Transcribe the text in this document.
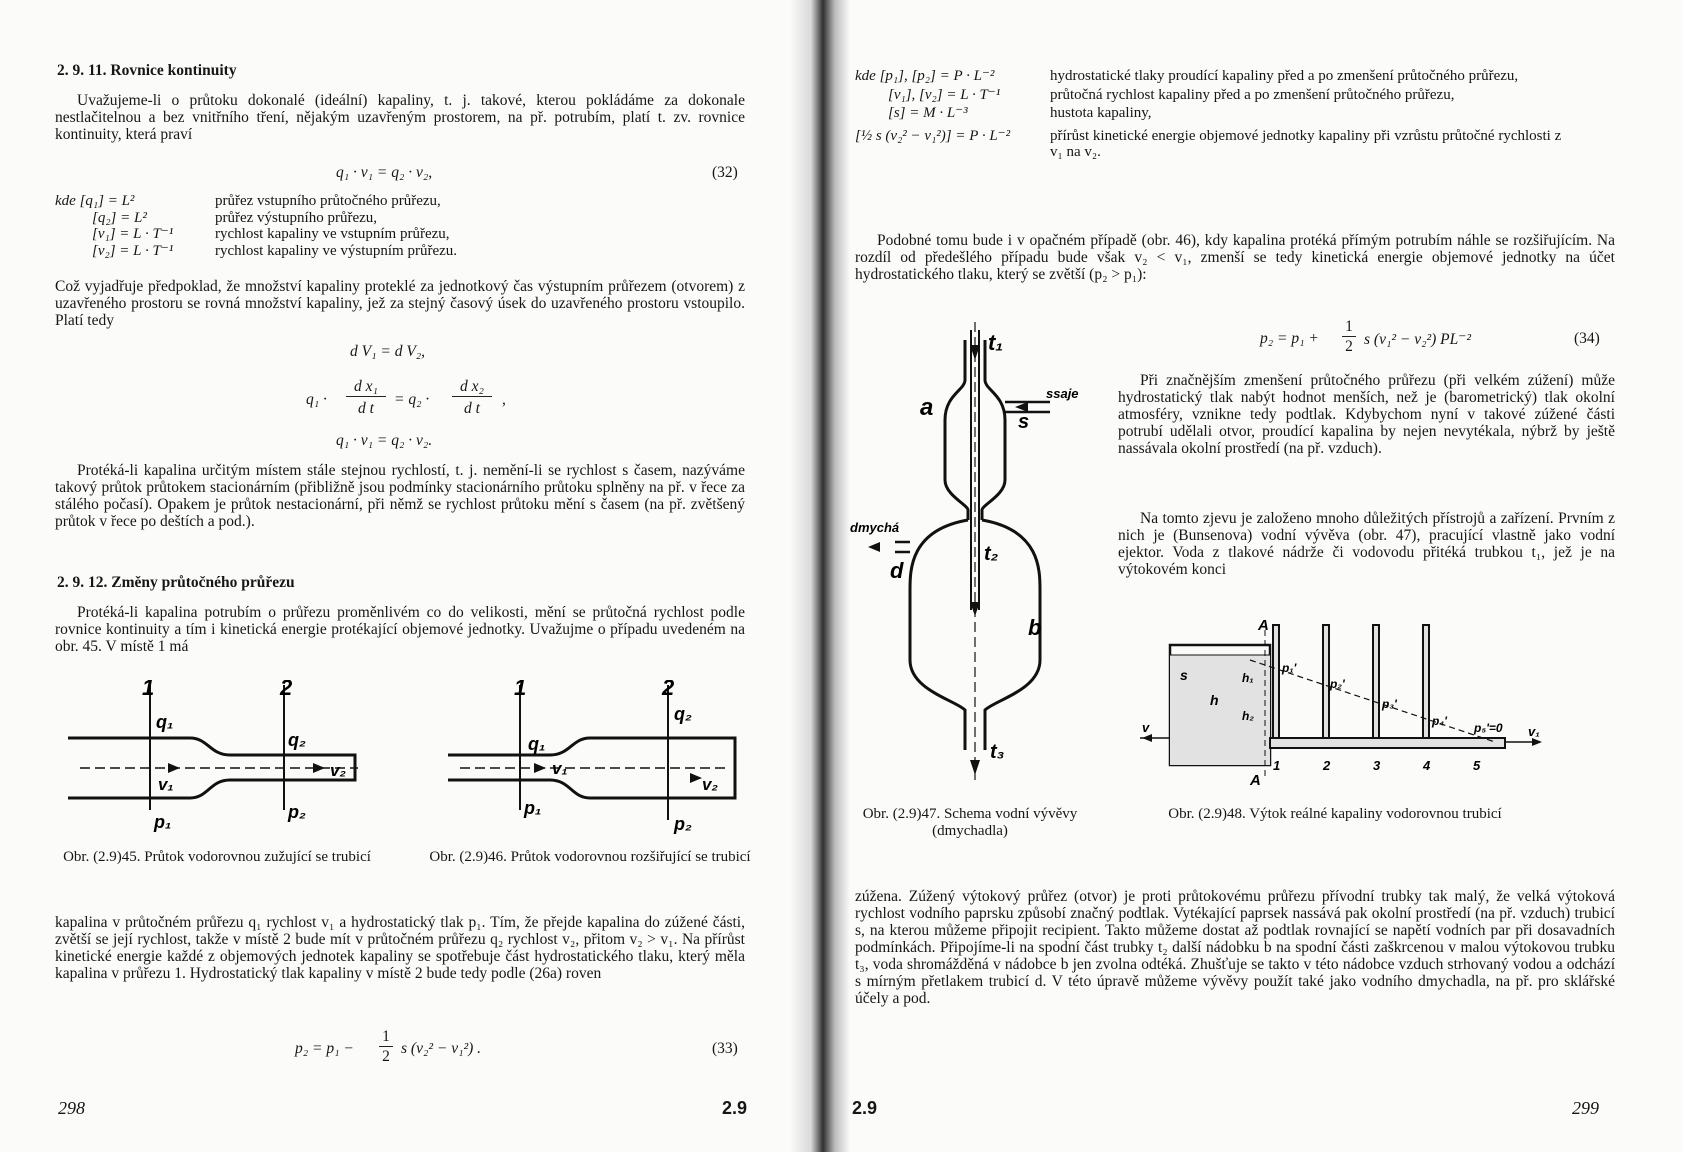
2. 9. 11. Rovnice kontinuity

Uvažujeme-li o průtoku dokonalé (ideální) kapaliny, t. j. takové, kterou pokládáme za dokonale nestlačitelnou a bez vnitřního tření, nějakým uzavřeným prostorem, na př. potrubím, platí t. zv. rovnice kontinuity, která praví

q₁ · v₁ = q₂ · v₂,	(32)
kde [q₁] = L²	průřez vstupního průtočného průřezu,
[q₂] = L²	průřez výstupního průřezu,
[v₁] = L · T⁻¹	rychlost kapaliny ve vstupním průřezu,
[v₂] = L · T⁻¹	rychlost kapaliny ve výstupním průřezu.

Což vyjadřuje předpoklad, že množství kapaliny proteklé za jednotkový čas výstupním průřezem (otvorem) z uzavřeného prostoru se rovná množství kapaliny, jež za stejný časový úsek do uzavřeného prostoru vstoupilo. Platí tedy

d V₁ = d V₂,
q₁ ·
d x₁
d t
= q₂ ·
d x₂
d t
,
q₁ · v₁ = q₂ · v₂.

Protéká-li kapalina určitým místem stále stejnou rychlostí, t. j. nemění-li se rychlost s časem, nazýváme takový průtok průtokem stacionárním (přibližně jsou podmínky stacionárního průtoku splněny na př. v řece za stálého počasí). Opakem je průtok nestacionární, při němž se rychlost průtoku mění s časem (na př. zvětšený průtok v řece po deštích a pod.).

2. 9. 12. Změny průtočného průřezu

Protéká-li kapalina potrubím o průřezu proměnlivém co do velikosti, mění se průtočná rychlost podle rovnice kontinuity a tím i kinetická energie protékající objemové jednotky. Uvažujme o případu uvedeném na obr. 45. V místě 1 má

1	2
q₁
q₂
v₁
v₂
p₁	p₂
1	2
q₁
q₂
v₁
v₂
p₁
p₂
Obr. (2.9)45. Průtok vodorovnou zužující se trubicí	Obr. (2.9)46. Průtok vodorovnou rozšiřující se trubicí

kapalina v průtočném průřezu q₁ rychlost v₁ a hydrostatický tlak p₁. Tím, že přejde kapalina do zúžené části, zvětší se její rychlost, takže v místě 2 bude mít v průtočném průřezu q₂ rychlost v₂, přitom v₂ > v₁. Na přírůst kinetické energie každé z objemových jednotek kapaliny se spotřebuje část hydrostatického tlaku, který měla kapalina v průřezu 1. Hydrostatický tlak kapaliny v místě 2 bude tedy podle (26a) roven

p₂ = p₁ −
1
2 s (v₂² − v₁²) .	(33)
298	2.9
kde [p₁], [p₂] = P · L⁻²	hydrostatické tlaky proudící kapaliny před a po zmenšení průtočného průřezu,
[v₁], [v₂] = L · T⁻¹	průtočná rychlost kapaliny před a po zmenšení průtočného průřezu,
[s] = M · L⁻³	hustota kapaliny,
[½ s (v₂² − v₁²)] = P · L⁻²	přírůst kinetické energie objemové jednotky kapaliny při vzrůstu průtočné rychlosti z v₁ na v₂.

Podobné tomu bude i v opačném případě (obr. 46), kdy kapalina protéká přímým potrubím náhle se rozšiřujícím. Na rozdíl od předešlého případu bude však v₂ < v₁, zmenší se tedy kinetická energie objemové jednotky na účet hydrostatického tlaku, který se zvětší (p₂ > p₁):

p₂ = p₁ +
1
2 s (v₁² − v₂²) PL⁻²	(34)
t₁
a
s
ssaje
dmychá
d
t₂
b
t₃

Při značnějším zmenšení průtočného průřezu (při velkém zúžení) může hydrostatický tlak nabýt hodnot menších, než je (barometrický) tlak okolní atmosféry, vznikne tedy podtlak. Kdybychom nyní v takové zúžené části potrubí udělali otvor, proudící kapalina by nejen nevytékala, nýbrž by ještě nassávala okolní prostředí (na př. vzduch).

Na tomto zjevu je založeno mnoho důležitých přístrojů a zařízení. Prvním z nich je (Bunsenova) vodní vývěva (obr. 47), pracující vlastně jako vodní ejektor. Voda z tlakové nádrže či vodovodu přitéká trubkou t₁, jež je na výtokovém konci

A
A
s
h
h₁
h₂
p₁'
p₂'
p₃'
p₄' p₅'=0
v	v₁
1	2	3	4	5
Obr. (2.9)47. Schema vodní vývěvy (dmychadla)
Obr. (2.9)48. Výtok reálné kapaliny vodorovnou trubicí

zúžena. Zúžený výtokový průřez (otvor) je proti průtokovému průřezu přívodní trubky tak malý, že velká výtoková rychlost vodního paprsku způsobí značný podtlak. Vytékající paprsek nassává pak okolní prostředí (na př. vzduch) trubicí s, na kterou můžeme připojit recipient. Takto můžeme dostat až podtlak rovnající se napětí vodních par při dosavadních podmínkách. Připojíme-li na spodní část trubky t₂ další nádobku b na spodní části zaškrcenou v malou výtokovou trubku t₃, voda shromážděná v nádobce b jen zvolna odtéká. Zhušťuje se takto v této nádobce vzduch strhovaný vodou a odchází s mírným přetlakem trubicí d. V této úpravě můžeme vývěvy použít také jako vodního dmychadla, na př. pro sklářské účely a pod.

2.9	299
